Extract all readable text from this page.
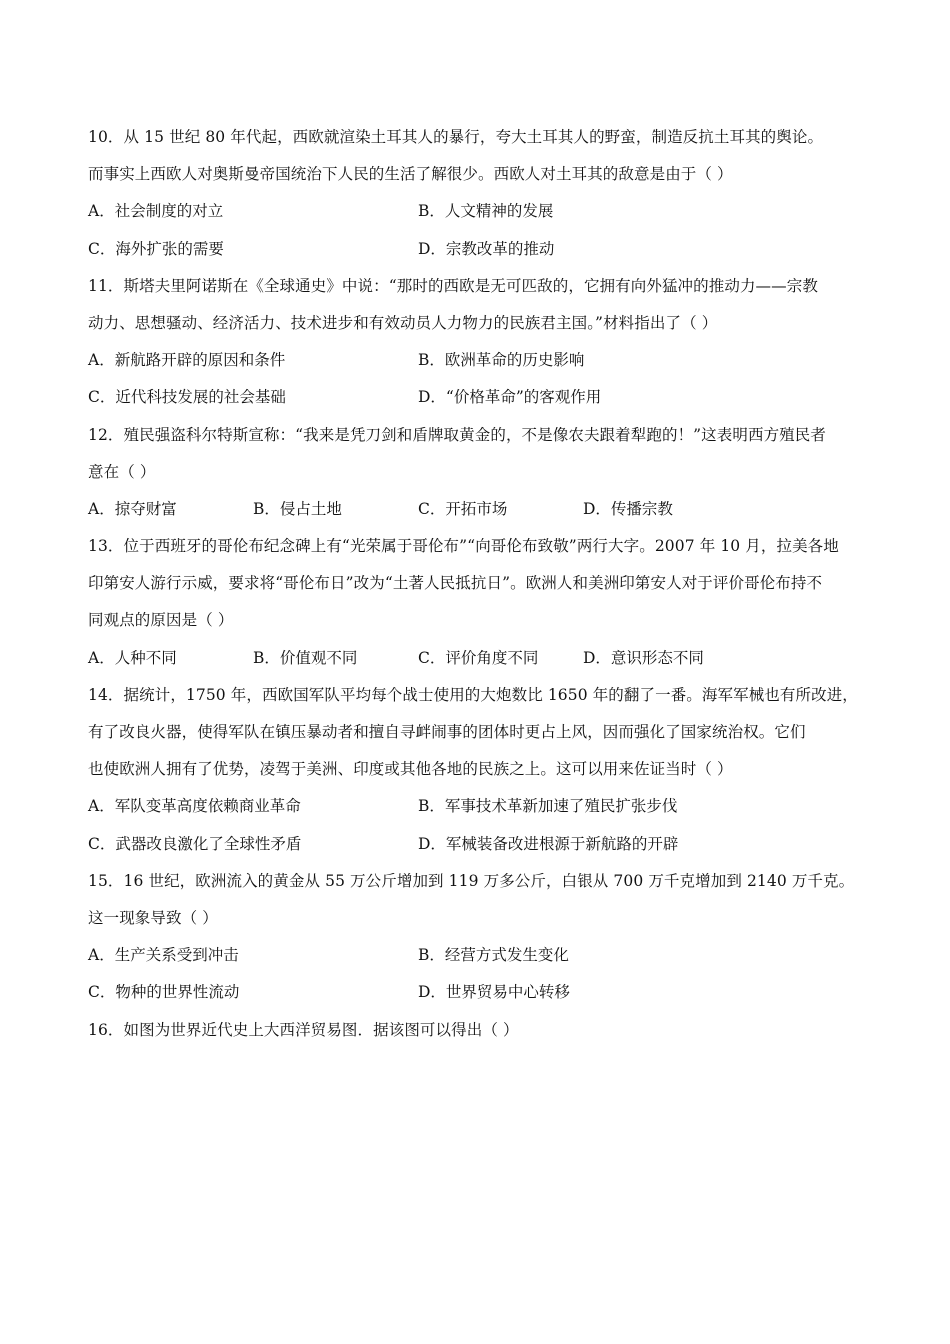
10．从 15 世纪 80 年代起，西欧就渲染土耳其人的暴行，夸大土耳其人的野蛮，制造反抗土耳其的舆论。
而事实上西欧人对奥斯曼帝国统治下人民的生活了解很少。西欧人对土耳其的敌意是由于（ ）
A．社会制度的对立	B．人文精神的发展
C．海外扩张的需要	D．宗教改革的推动
11．斯塔夫里阿诺斯在《全球通史》中说：“那时的西欧是无可匹敌的，它拥有向外猛冲的推动力——宗教
动力、思想骚动、经济活力、技术进步和有效动员人力物力的民族君主国。”材料指出了（ ）
A．新航路开辟的原因和条件	B．欧洲革命的历史影响
C．近代科技发展的社会基础	D．“价格革命”的客观作用
12．殖民强盗科尔特斯宣称：“我来是凭刀剑和盾牌取黄金的，不是像农夫跟着犁跑的！”这表明西方殖民者
意在（ ）
A．掠夺财富	B．侵占土地	C．开拓市场	D．传播宗教
13．位于西班牙的哥伦布纪念碑上有“光荣属于哥伦布”“向哥伦布致敬”两行大字。2007 年 10 月，拉美各地
印第安人游行示威，要求将“哥伦布日”改为“土著人民抵抗日”。欧洲人和美洲印第安人对于评价哥伦布持不
同观点的原因是（ ）
A．人种不同	B．价值观不同	C．评价角度不同	D．意识形态不同
14．据统计，1750 年，西欧国军队平均每个战士使用的大炮数比 1650 年的翻了一番。海军军械也有所改进，
有了改良火器，使得军队在镇压暴动者和擅自寻衅闹事的团体时更占上风，因而强化了国家统治权。它们
也使欧洲人拥有了优势，凌驾于美洲、印度或其他各地的民族之上。这可以用来佐证当时（ ）
A．军队变革高度依赖商业革命	B．军事技术革新加速了殖民扩张步伐
C．武器改良激化了全球性矛盾	D．军械装备改进根源于新航路的开辟
15．16 世纪，欧洲流入的黄金从 55 万公斤增加到 119 万多公斤，白银从 700 万千克增加到 2140 万千克。
这一现象导致（ ）
A．生产关系受到冲击	B．经营方式发生变化
C．物种的世界性流动	D．世界贸易中心转移
16．如图为世界近代史上大西洋贸易图．据该图可以得出（ ）
